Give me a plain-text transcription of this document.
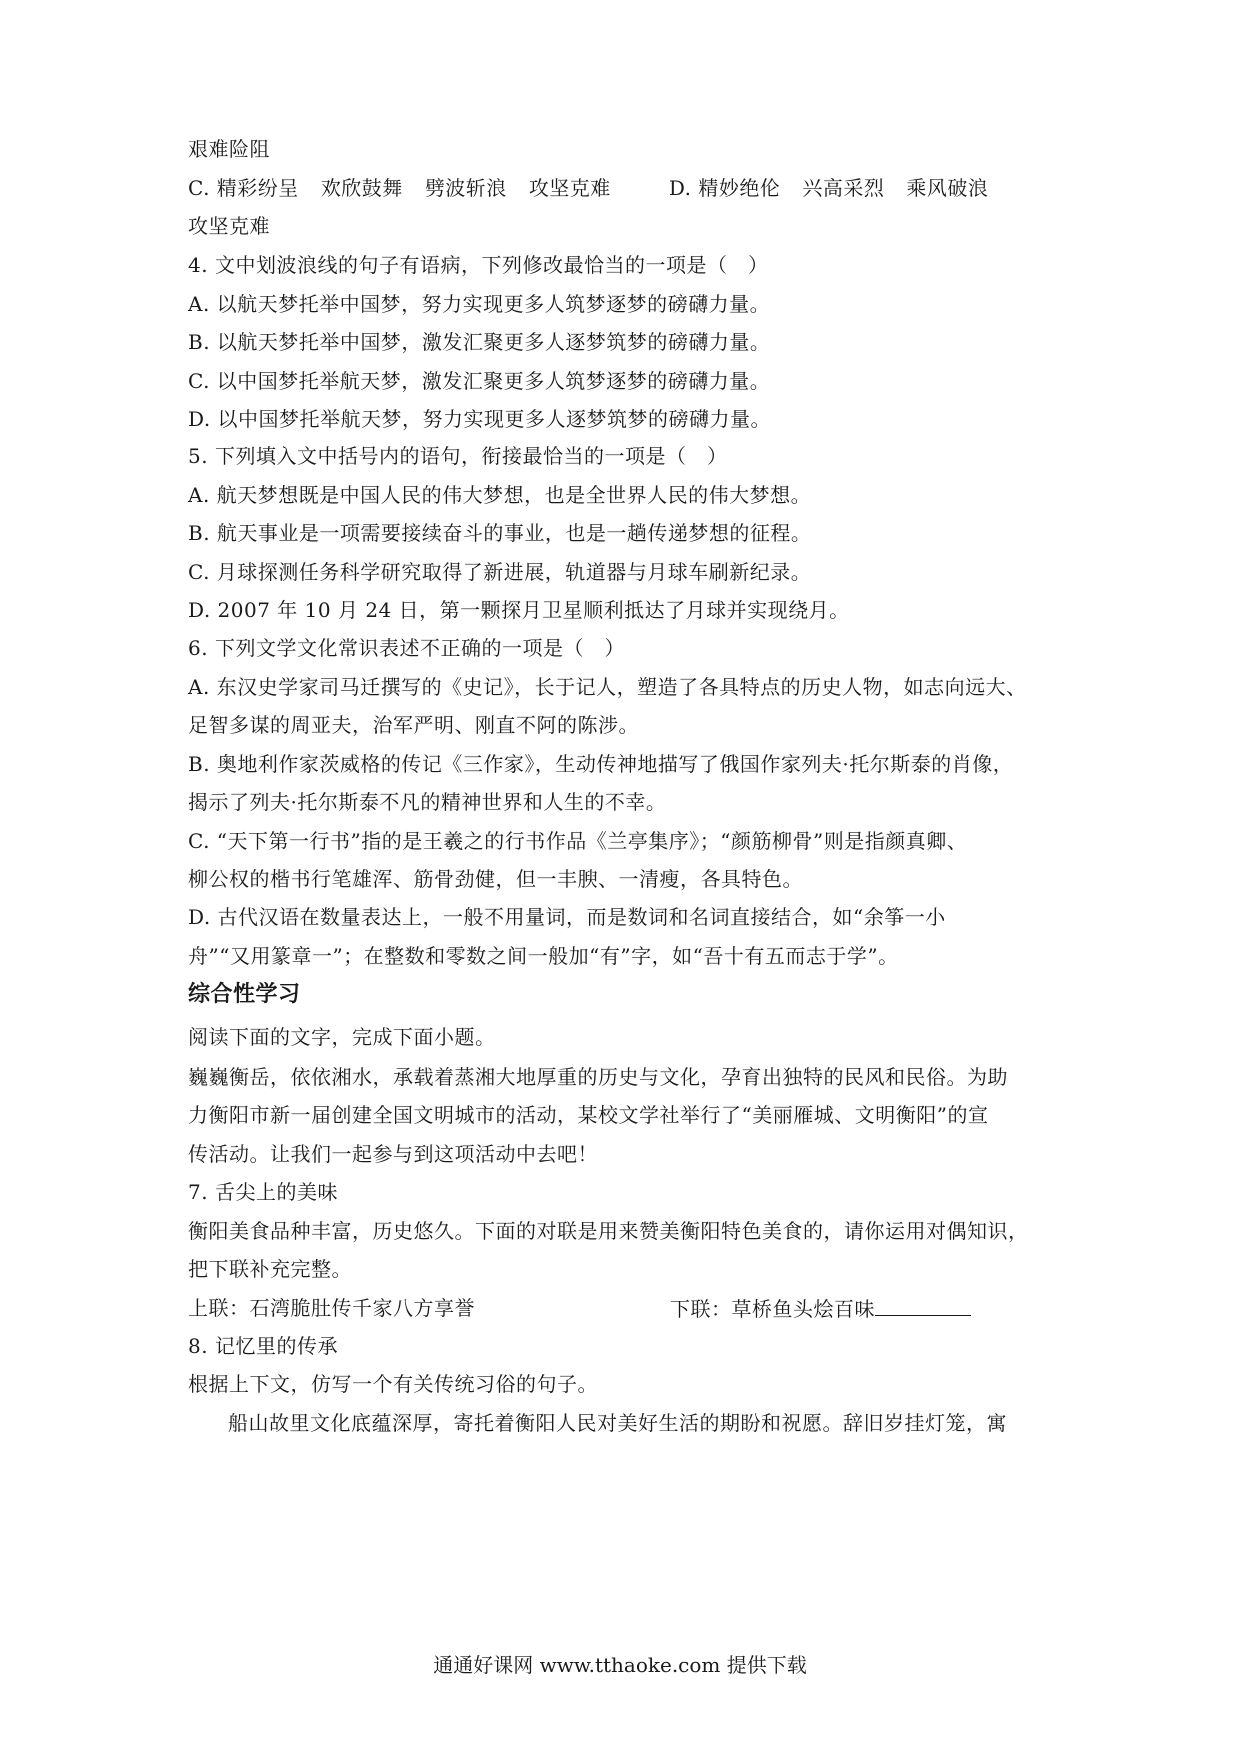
艰难险阻
C. 精彩纷呈 欢欣鼓舞 劈波斩浪 攻坚克难	D. 精妙绝伦 兴高采烈 乘风破浪
攻坚克难
4. 文中划波浪线的句子有语病，下列修改最恰当的一项是（　）
A. 以航天梦托举中国梦，努力实现更多人筑梦逐梦的磅礴力量。
B. 以航天梦托举中国梦，激发汇聚更多人逐梦筑梦的磅礴力量。
C. 以中国梦托举航天梦，激发汇聚更多人筑梦逐梦的磅礴力量。
D. 以中国梦托举航天梦，努力实现更多人逐梦筑梦的磅礴力量。
5. 下列填入文中括号内的语句，衔接最恰当的一项是（　）
A. 航天梦想既是中国人民的伟大梦想，也是全世界人民的伟大梦想。
B. 航天事业是一项需要接续奋斗的事业，也是一趟传递梦想的征程。
C. 月球探测任务科学研究取得了新进展，轨道器与月球车刷新纪录。
D. 2007 年 10 月 24 日，第一颗探月卫星顺利抵达了月球并实现绕月。
6. 下列文学文化常识表述不正确的一项是（　）
A. 东汉史学家司马迁撰写的《史记》，长于记人，塑造了各具特点的历史人物，如志向远大、
足智多谋的周亚夫，治军严明、刚直不阿的陈涉。
B. 奥地利作家茨威格的传记《三作家》，生动传神地描写了俄国作家列夫·托尔斯泰的肖像，
揭示了列夫·托尔斯泰不凡的精神世界和人生的不幸。
C. “天下第一行书”指的是王羲之的行书作品《兰亭集序》；“颜筋柳骨”则是指颜真卿、
柳公权的楷书行笔雄浑、筋骨劲健，但一丰腴、一清瘦，各具特色。
D. 古代汉语在数量表达上，一般不用量词，而是数词和名词直接结合，如“余筝一小
舟”“又用篆章一”；在整数和零数之间一般加“有”字，如“吾十有五而志于学”。
综合性学习
阅读下面的文字，完成下面小题。
巍巍衡岳，依依湘水，承载着蒸湘大地厚重的历史与文化，孕育出独特的民风和民俗。为助
力衡阳市新一届创建全国文明城市的活动，某校文学社举行了“美丽雁城、文明衡阳”的宣
传活动。让我们一起参与到这项活动中去吧！
7. 舌尖上的美味
衡阳美食品种丰富，历史悠久。下面的对联是用来赞美衡阳特色美食的，请你运用对偶知识，
把下联补充完整。
上联：石湾脆肚传千家八方享誉	下联：草桥鱼头烩百味
8. 记忆里的传承
根据上下文，仿写一个有关传统习俗的句子。
船山故里文化底蕴深厚，寄托着衡阳人民对美好生活的期盼和祝愿。辞旧岁挂灯笼，寓
通通好课网 www.tthaoke.com 提供下载
